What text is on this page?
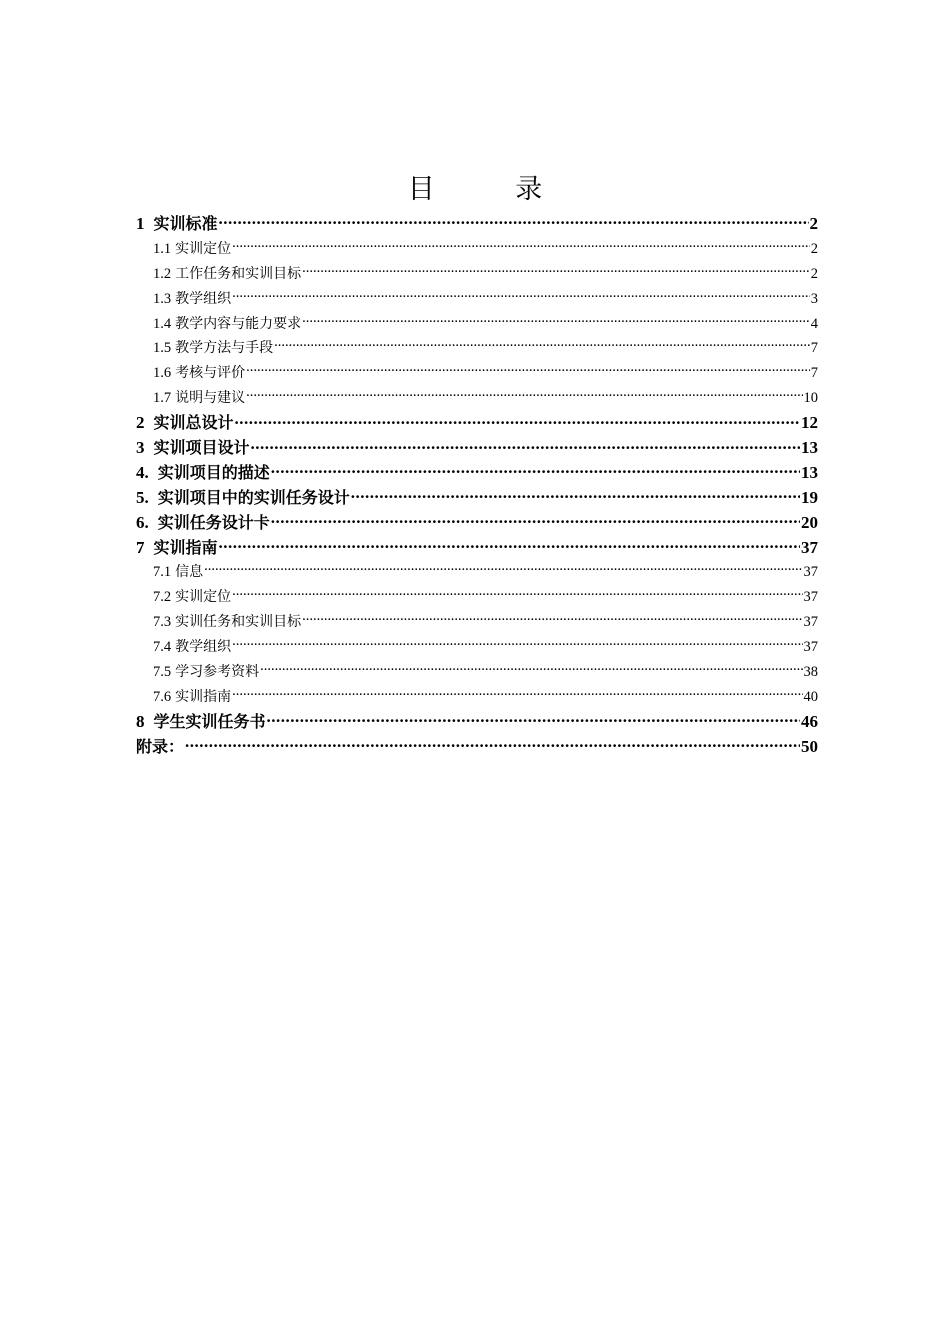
目 录
1 实训标准 .....	2
1.1 实训定位 .....	2
1.2 工作任务和实训目标 .....	2
1.3 教学组织 .....	3
1.4 教学内容与能力要求 .....	4
1.5 教学方法与手段 .....	7
1.6 考核与评价 .....	7
1.7 说明与建议 .....	10
2 实训总设计 .....	12
3 实训项目设计 .....	13
4. 实训项目的描述 .....	13
5. 实训项目中的实训任务设计 .....	19
6. 实训任务设计卡 .....	20
7 实训指南 .....	37
7.1 信息 .....	37
7.2 实训定位 .....	37
7.3 实训任务和实训目标 .....	37
7.4 教学组织 .....	37
7.5 学习参考资料 .....	38
7.6 实训指南 .....	40
8 学生实训任务书 .....	46
附录： .....	50
